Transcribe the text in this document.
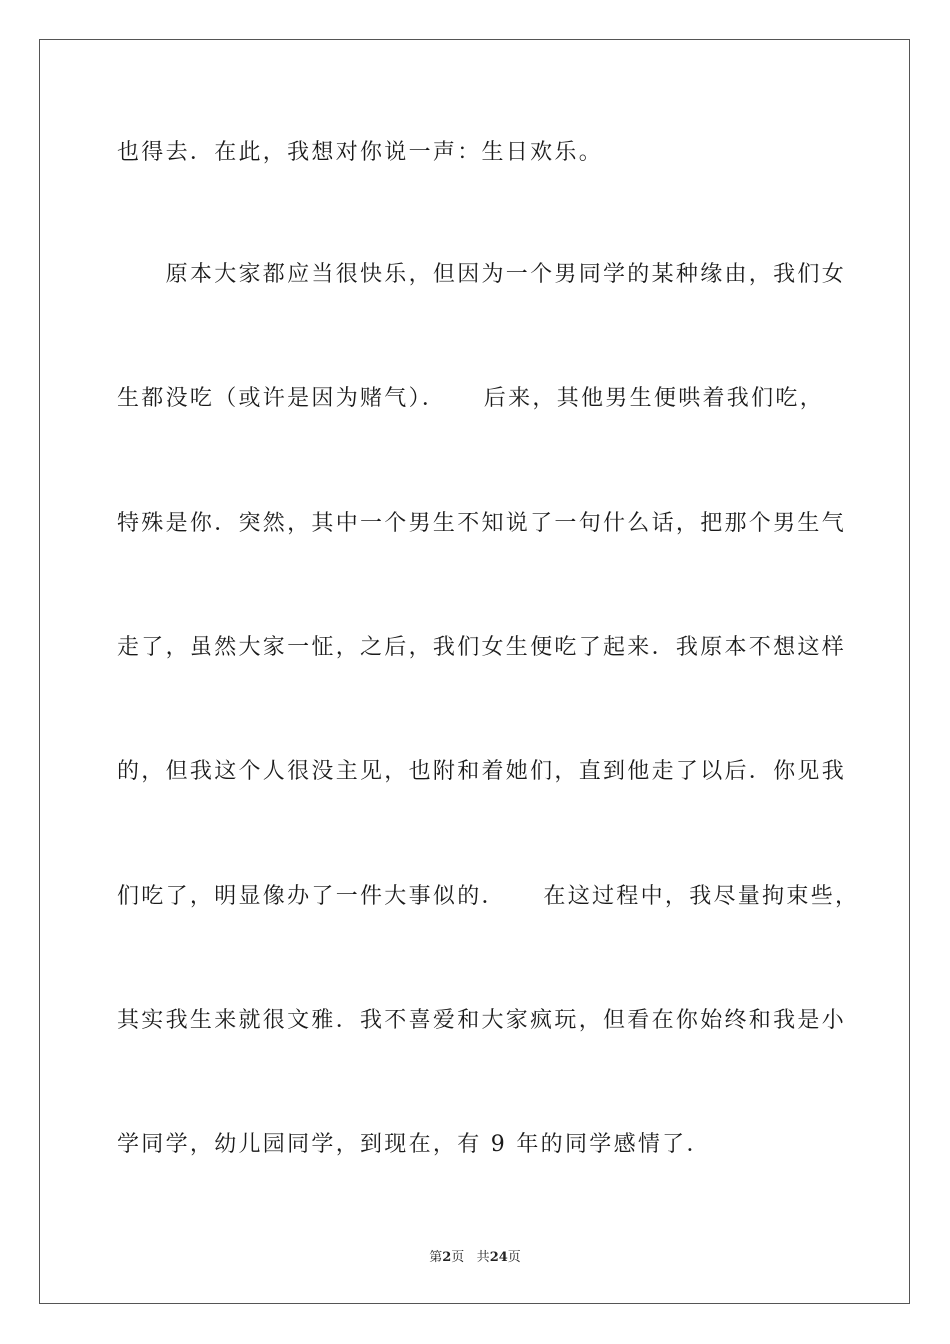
也得去．在此，我想对你说一声：生日欢乐。
　　原本大家都应当很快乐，但因为一个男同学的某种缘由，我们女
生都没吃（或许是因为赌气）．　　后来，其他男生便哄着我们吃，
特殊是你．突然，其中一个男生不知说了一句什么话，把那个男生气
走了，虽然大家一怔，之后，我们女生便吃了起来．我原本不想这样
的，但我这个人很没主见，也附和着她们，直到他走了以后．你见我
们吃了，明显像办了一件大事似的．　　在这过程中，我尽量拘束些，
其实我生来就很文雅．我不喜爱和大家疯玩，但看在你始终和我是小
学同学，幼儿园同学，到现在，有 9 年的同学感情了．
第2页 共24页
